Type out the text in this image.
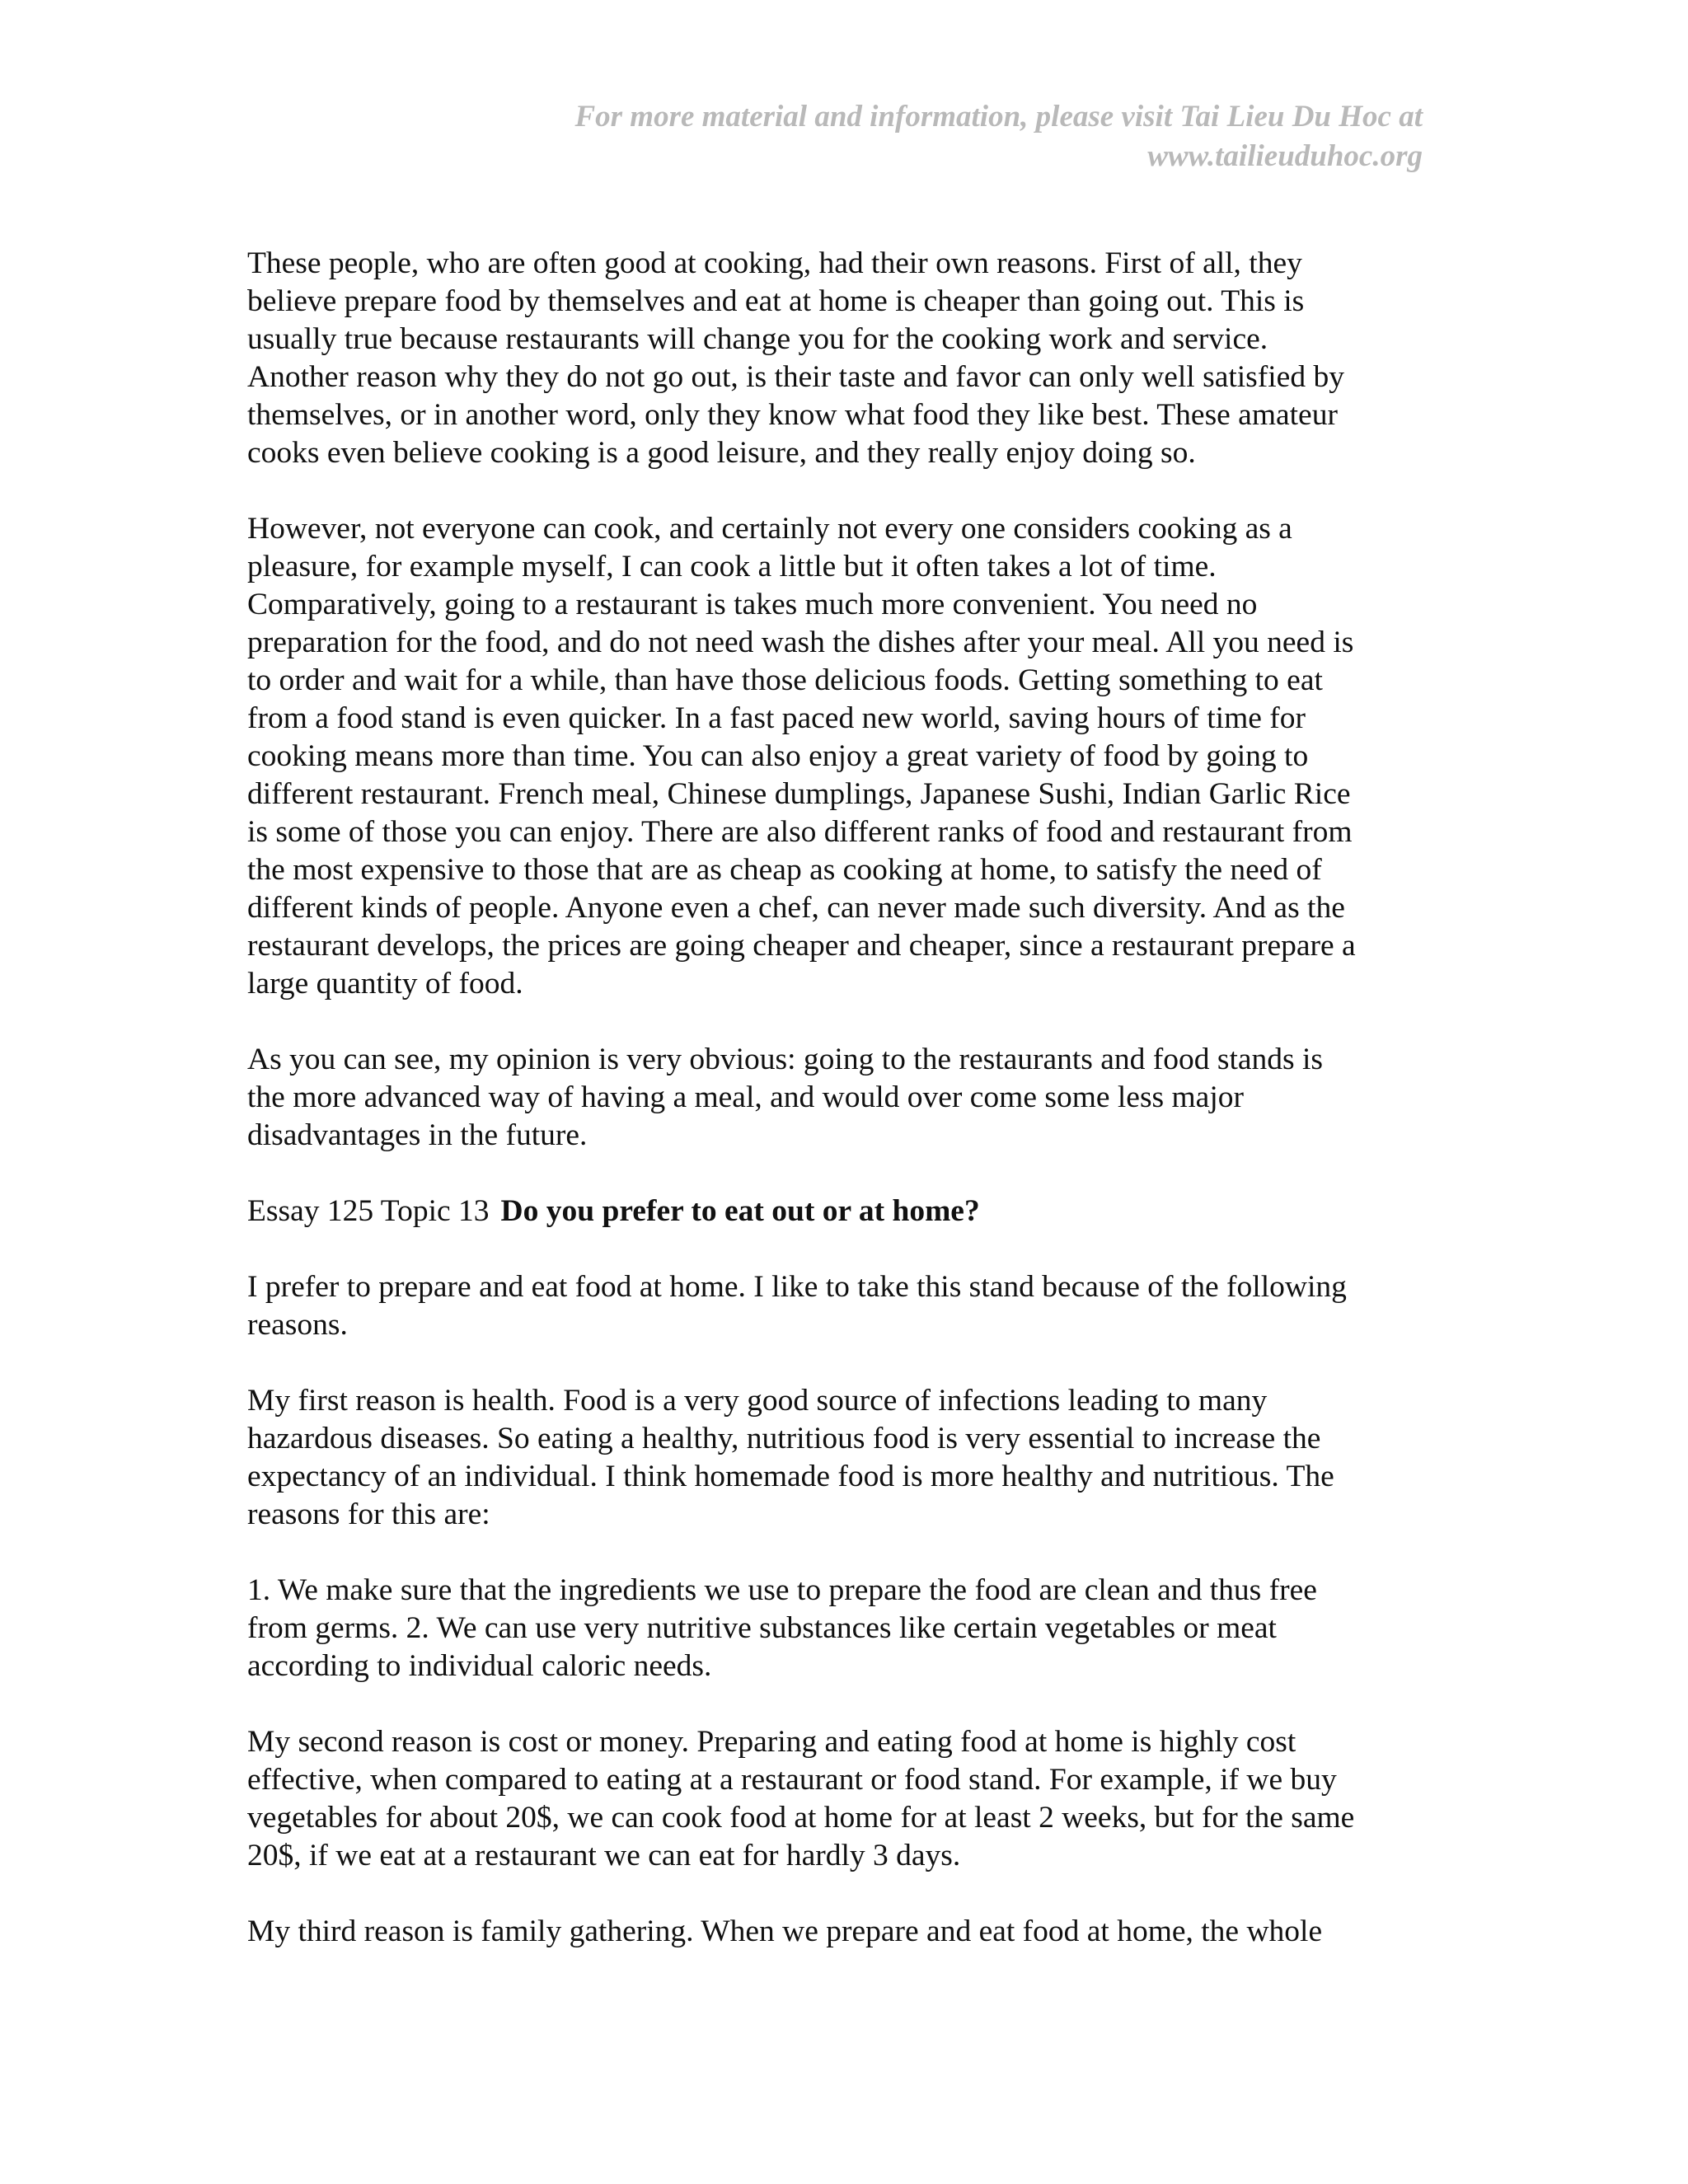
For more material and information, please visit Tai Lieu Du Hoc at
www.tailieuduhoc.org

These people, who are often good at cooking, had their own reasons. First of all, they
believe prepare food by themselves and eat at home is cheaper than going out. This is
usually true because restaurants will change you for the cooking work and service.
Another reason why they do not go out, is their taste and favor can only well satisfied by
themselves, or in another word, only they know what food they like best. These amateur
cooks even believe cooking is a good leisure, and they really enjoy doing so.

However, not everyone can cook, and certainly not every one considers cooking as a
pleasure, for example myself, I can cook a little but it often takes a lot of time.
Comparatively, going to a restaurant is takes much more convenient. You need no
preparation for the food, and do not need wash the dishes after your meal. All you need is
to order and wait for a while, than have those delicious foods. Getting something to eat
from a food stand is even quicker. In a fast paced new world, saving hours of time for
cooking means more than time. You can also enjoy a great variety of food by going to
different restaurant. French meal, Chinese dumplings, Japanese Sushi, Indian Garlic Rice
is some of those you can enjoy. There are also different ranks of food and restaurant from
the most expensive to those that are as cheap as cooking at home, to satisfy the need of
different kinds of people. Anyone even a chef, can never made such diversity. And as the
restaurant develops, the prices are going cheaper and cheaper, since a restaurant prepare a
large quantity of food.

As you can see, my opinion is very obvious: going to the restaurants and food stands is
the more advanced way of having a meal, and would over come some less major
disadvantages in the future.

Essay 125 Topic 13 Do you prefer to eat out or at home?

I prefer to prepare and eat food at home. I like to take this stand because of the following
reasons.

My first reason is health. Food is a very good source of infections leading to many
hazardous diseases. So eating a healthy, nutritious food is very essential to increase the
expectancy of an individual. I think homemade food is more healthy and nutritious. The
reasons for this are:

1. We make sure that the ingredients we use to prepare the food are clean and thus free
from germs. 2. We can use very nutritive substances like certain vegetables or meat
according to individual caloric needs.

My second reason is cost or money. Preparing and eating food at home is highly cost
effective, when compared to eating at a restaurant or food stand. For example, if we buy
vegetables for about 20$, we can cook food at home for at least 2 weeks, but for the same
20$, if we eat at a restaurant we can eat for hardly 3 days.

My third reason is family gathering. When we prepare and eat food at home, the whole
